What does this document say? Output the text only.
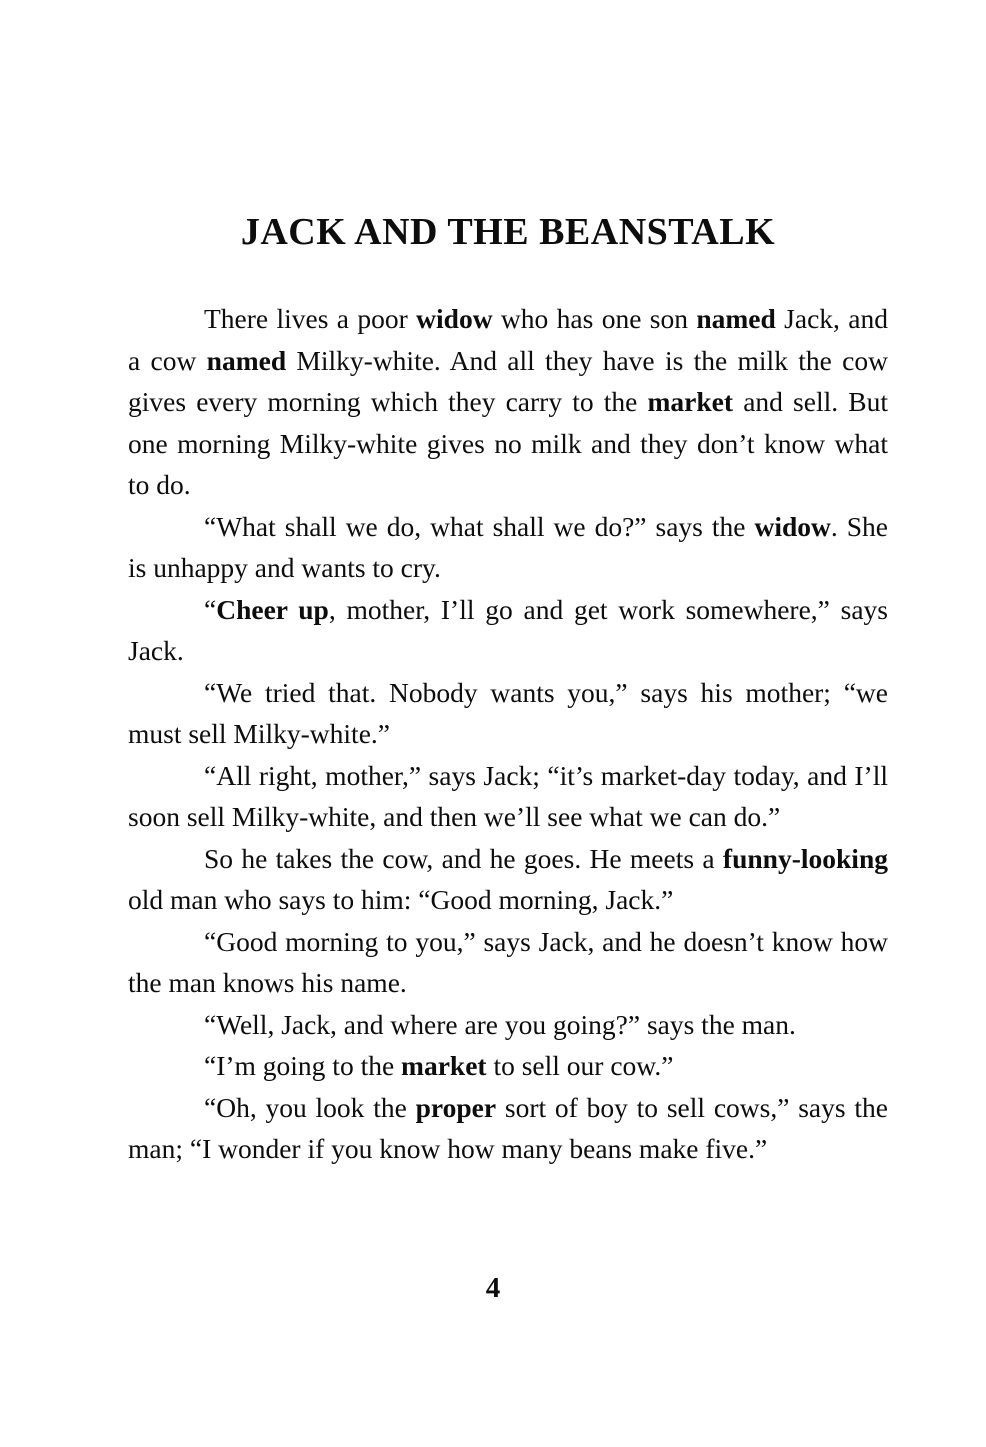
JACK AND THE BEANSTALK

There lives a poor widow who has one son named Jack, and a cow named Milky-white. And all they have is the milk the cow gives every morning which they carry to the market and sell. But one morning Milky-white gives no milk and they don’t know what to do.

“What shall we do, what shall we do?” says the widow. She is unhappy and wants to cry.

“Cheer up, mother, I’ll go and get work somewhere,” says Jack.

“We tried that. Nobody wants you,” says his mother; “we must sell Milky-white.”

“All right, mother,” says Jack; “it’s market-day today, and I’ll soon sell Milky-white, and then we’ll see what we can do.”

So he takes the cow, and he goes. He meets a funny-looking old man who says to him: “Good morning, Jack.”

“Good morning to you,” says Jack, and he doesn’t know how the man knows his name.

“Well, Jack, and where are you going?” says the man.

“I’m going to the market to sell our cow.”

“Oh, you look the proper sort of boy to sell cows,” says the man; “I wonder if you know how many beans make five.”

4
